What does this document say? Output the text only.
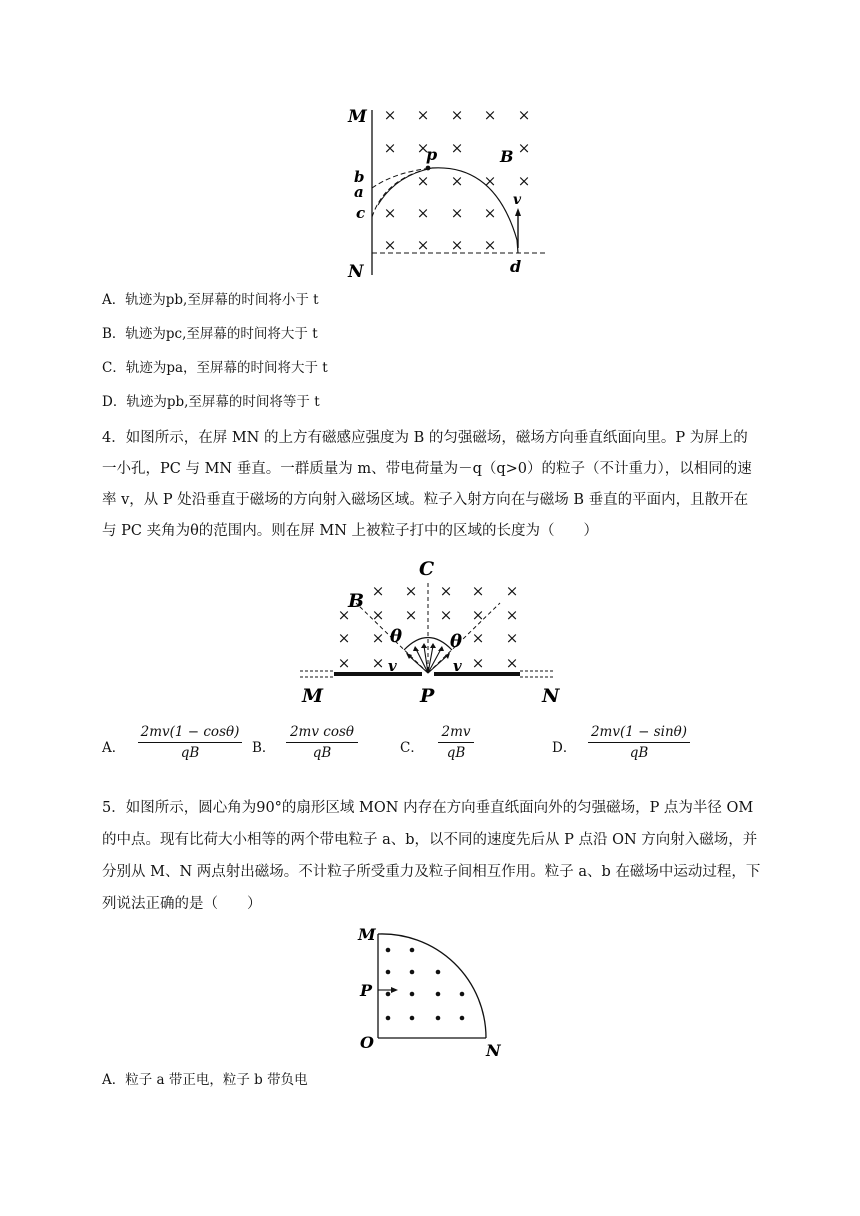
× × × × ×
× × ×	×
× × × ×
× × × ×
× × × ×
M
N
b
a
c
p	B
v
d
A．轨迹为pb,至屏幕的时间将小于 t
B．轨迹为pc,至屏幕的时间将大于 t
C．轨迹为pa，至屏幕的时间将大于 t
D．轨迹为pb,至屏幕的时间将等于 t
4．如图所示，在屏 MN 的上方有磁感应强度为 B 的匀强磁场，磁场方向垂直纸面向里。P 为屏上的一小孔，PC 与 MN 垂直。一群质量为 m、带电荷量为－q（q>0）的粒子（不计重力），以相同的速率 v，从 P 处沿垂直于磁场的方向射入磁场区域。粒子入射方向在与磁场 B 垂直的平面内，且散开在与 PC 夹角为θ的范围内。则在屏 MN 上被粒子打中的区域的长度为（　　）
× × × × ×
× × × × × ×
× ×	× ×
× ×	× ×
C
B
θ	θ
v	v
M	P	N
A．
2mv(1 − cosθ)
qB	B．
2mv cosθ
qB	C．
2mv
qB	D．
2mv(1 − sinθ)
qB
5．如图所示，圆心角为90°的扇形区域 MON 内存在方向垂直纸面向外的匀强磁场，P 点为半径 OM 的中点。现有比荷大小相等的两个带电粒子 a、b，以不同的速度先后从 P 点沿 ON 方向射入磁场，并分别从 M、N 两点射出磁场。不计粒子所受重力及粒子间相互作用。粒子 a、b 在磁场中运动过程，下列说法正确的是（　　）
M
P
O	N
A．粒子 a 带正电，粒子 b 带负电
